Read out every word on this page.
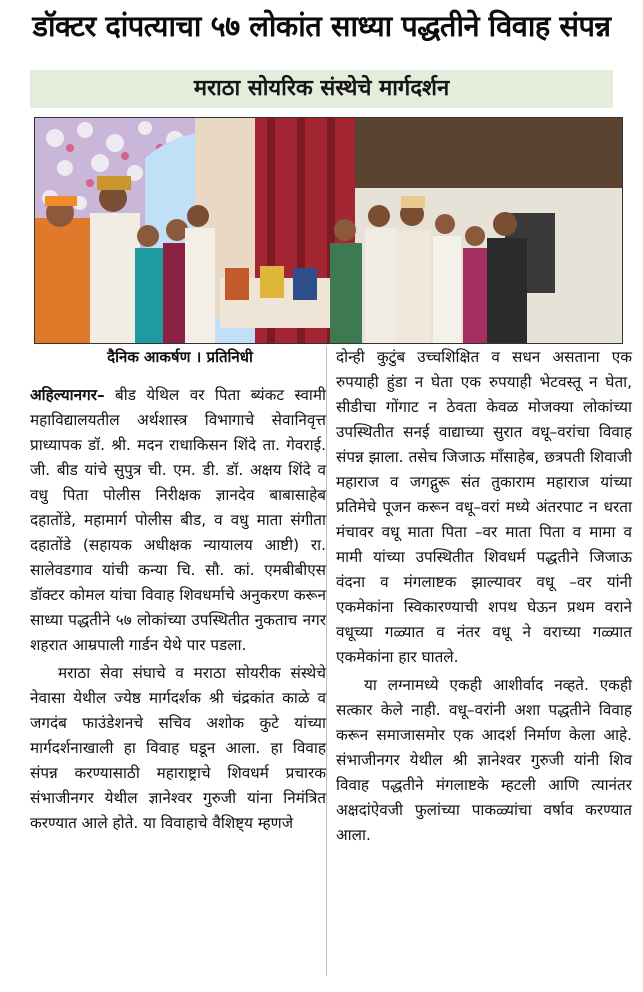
डॉक्टर दांपत्याचा ५७ लोकांत साध्या पद्धतीने विवाह संपन्न
मराठा सोयरिक संस्थेचे मार्गदर्शन
दैनिक आकर्षण । प्रतिनिधी

अहिल्यानगर– बीड येथिल वर पिता ब्यंकट स्वामी महाविद्यालयतील अर्थशास्त्र विभागाचे सेवानिवृत्त प्राध्यापक डॉ. श्री. मदन राधाकिसन शिंदे ता. गेवराई. जी. बीड यांचे सुपुत्र ची. एम. डी. डॉ. अक्षय शिंदे व वधु पिता पोलीस निरीक्षक ज्ञानदेव बाबासाहेब दहातोंडे, महामार्ग पोलीस बीड, व वधु माता संगीता दहातोंडे (सहायक अधीक्षक न्यायालय आष्टी) रा. सालेवडगाव यांची कन्या चि. सौ. कां. एमबीबीएस डॉक्टर कोमल यांचा विवाह शिवधर्माचे अनुकरण करून साध्या पद्धतीने ५७ लोकांच्या उपस्थितीत नुकताच नगर शहरात आम्रपाली गार्डन येथे पार पडला.

मराठा सेवा संघाचे व मराठा सोयरीक संस्थेचे नेवासा येथील ज्येष्ठ मार्गदर्शक श्री चंद्रकांत काळे व जगदंब फाउंडेशनचे सचिव अशोक कुटे यांच्या मार्गदर्शनाखाली हा विवाह घडून आला. हा विवाह संपन्न करण्यासाठी महाराष्ट्राचे शिवधर्म प्रचारक संभाजीनगर येथील ज्ञानेश्वर गुरुजी यांना निमंत्रित करण्यात आले होते. या विवाहाचे वैशिष्ट्य म्हणजे

दोन्ही कुटुंब उच्चशिक्षित व सधन असताना एक रुपयाही हुंडा न घेता एक रुपयाही भेटवस्तू न घेता, सीडीचा गोंगाट न ठेवता केवळ मोजक्या लोकांच्या उपस्थितीत सनई वाद्याच्या सुरात वधू–वरांचा विवाह संपन्न झाला. तसेच जिजाऊ माँसाहेब, छत्रपती शिवाजी महाराज व जगद्गुरू संत तुकाराम महाराज यांच्या प्रतिमेचे पूजन करून वधू–वरां मध्ये अंतरपाट न धरता मंचावर वधू माता पिता –वर माता पिता व मामा व मामी यांच्या उपस्थितीत शिवधर्म पद्धतीने जिजाऊ वंदना व मंगलाष्टक झाल्यावर वधू –वर यांनी एकमेकांना स्विकारण्याची शपथ घेऊन प्रथम वराने वधूच्या गळ्यात व नंतर वधू ने वराच्या गळ्यात एकमेकांना हार घातले.

या लग्नामध्ये एकही आशीर्वाद नव्हते. एकही सत्कार केले नाही. वधू–वरांनी अशा पद्धतीने विवाह करून समाजासमोर एक आदर्श निर्माण केला आहे. संभाजीनगर येथील श्री ज्ञानेश्वर गुरुजी यांनी शिव विवाह पद्धतीने मंगलाष्टके म्हटली आणि त्यानंतर अक्षदांऐवजी फुलांच्या पाकळ्यांचा वर्षाव करण्यात आला.
